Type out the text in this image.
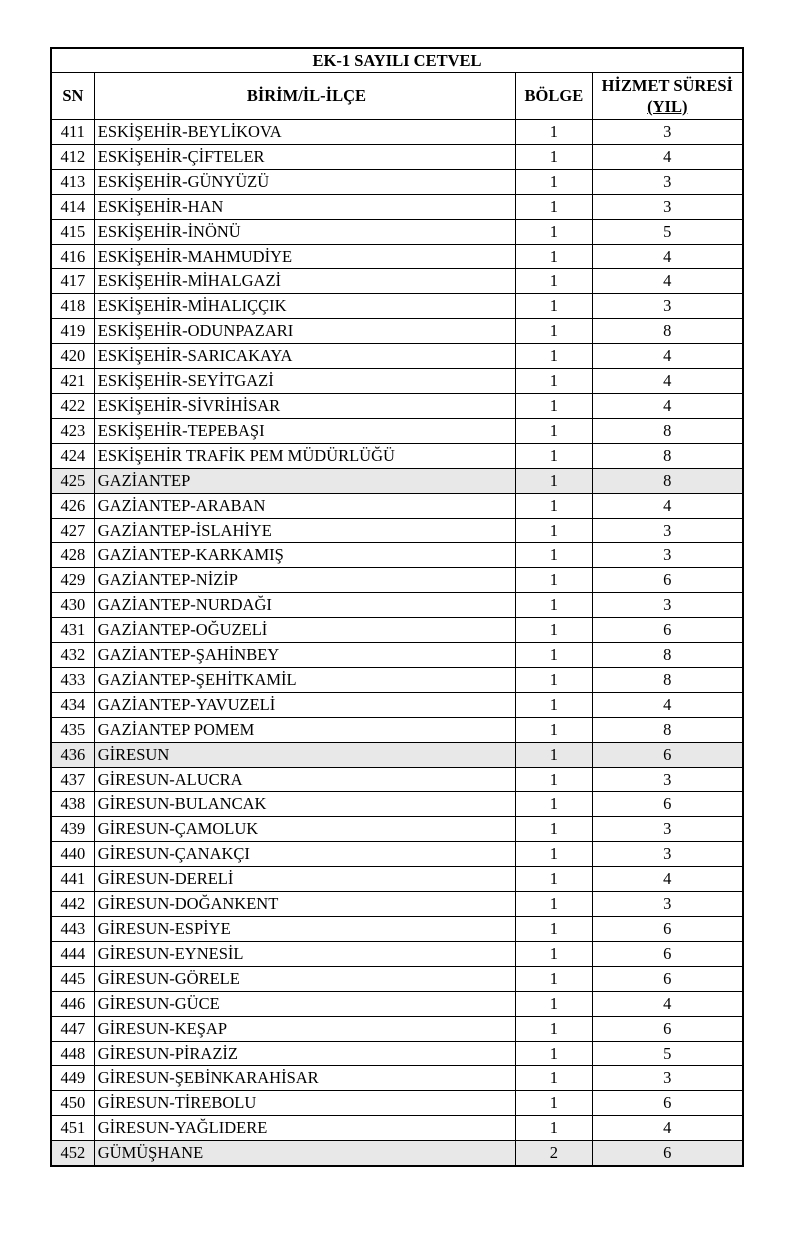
EK-1 SAYILI CETVEL			
SN	BİRİM/İL-İLÇE	BÖLGE	HİZMET SÜRESİ
(YIL)
411	ESKİŞEHİR-BEYLİKOVA	1	3
412	ESKİŞEHİR-ÇİFTELER	1	4
413	ESKİŞEHİR-GÜNYÜZÜ	1	3
414	ESKİŞEHİR-HAN	1	3
415	ESKİŞEHİR-İNÖNÜ	1	5
416	ESKİŞEHİR-MAHMUDİYE	1	4
417	ESKİŞEHİR-MİHALGAZİ	1	4
418	ESKİŞEHİR-MİHALIÇÇIK	1	3
419	ESKİŞEHİR-ODUNPAZARI	1	8
420	ESKİŞEHİR-SARICAKAYA	1	4
421	ESKİŞEHİR-SEYİTGAZİ	1	4
422	ESKİŞEHİR-SİVRİHİSAR	1	4
423	ESKİŞEHİR-TEPEBAŞI	1	8
424	ESKİŞEHİR TRAFİK PEM MÜDÜRLÜĞÜ	1	8
425	GAZİANTEP	1	8
426	GAZİANTEP-ARABAN	1	4
427	GAZİANTEP-İSLAHİYE	1	3
428	GAZİANTEP-KARKAMIŞ	1	3
429	GAZİANTEP-NİZİP	1	6
430	GAZİANTEP-NURDAĞI	1	3
431	GAZİANTEP-OĞUZELİ	1	6
432	GAZİANTEP-ŞAHİNBEY	1	8
433	GAZİANTEP-ŞEHİTKAMİL	1	8
434	GAZİANTEP-YAVUZELİ	1	4
435	GAZİANTEP POMEM	1	8
436	GİRESUN	1	6
437	GİRESUN-ALUCRA	1	3
438	GİRESUN-BULANCAK	1	6
439	GİRESUN-ÇAMOLUK	1	3
440	GİRESUN-ÇANAKÇI	1	3
441	GİRESUN-DERELİ	1	4
442	GİRESUN-DOĞANKENT	1	3
443	GİRESUN-ESPİYE	1	6
444	GİRESUN-EYNESİL	1	6
445	GİRESUN-GÖRELE	1	6
446	GİRESUN-GÜCE	1	4
447	GİRESUN-KEŞAP	1	6
448	GİRESUN-PİRAZİZ	1	5
449	GİRESUN-ŞEBİNKARAHİSAR	1	3
450	GİRESUN-TİREBOLU	1	6
451	GİRESUN-YAĞLIDERE	1	4
452	GÜMÜŞHANE	2	6
